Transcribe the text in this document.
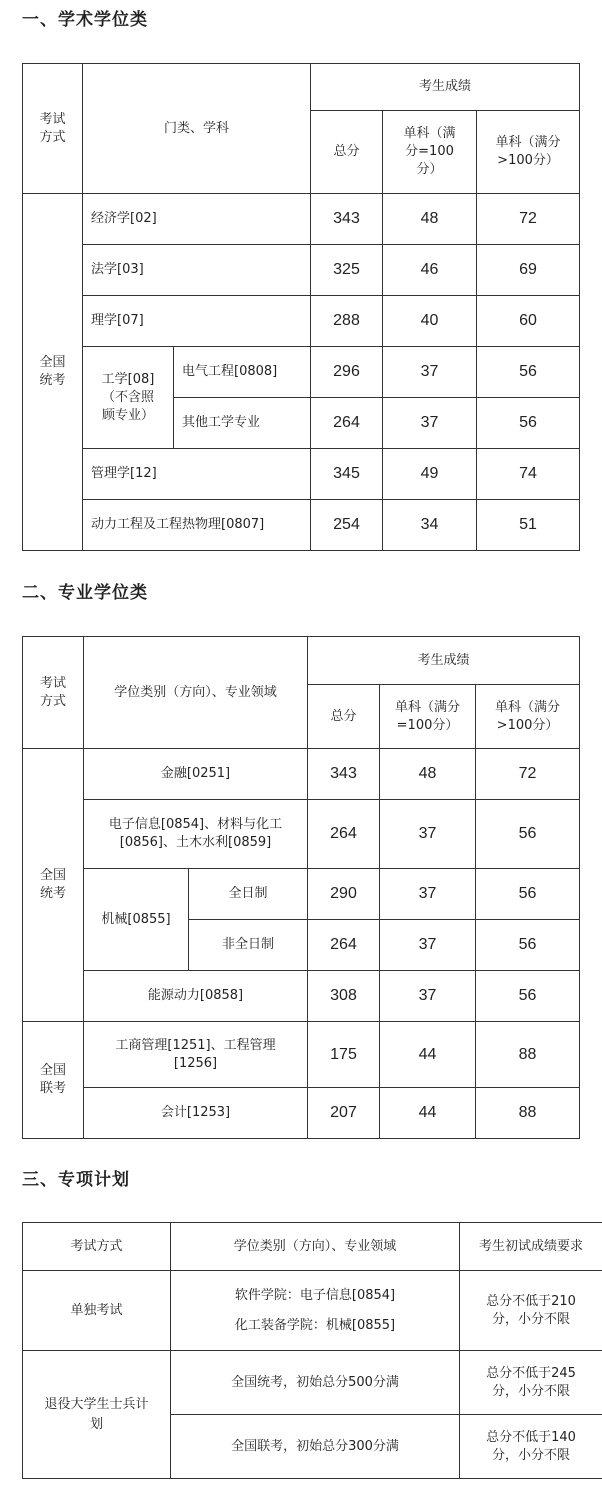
一、学术学位类
考试
方式	门类、学科		考生成绩		
			总分	单科（满
分=100
分）	单科（满分
>100分）

全国
统考	经济学[02]		343	48	72
	法学[03]		325	46	69
	理学[07]		288	40	60

	工学[08]
（不含照
顾专业）	电气工程[0808]	296	37	56
		其他工学专业	264	37	56
	管理学[12]		345	49	74
	动力工程及工程热物理[0807]		254	34	51
二、专业学位类
考试
方式	学位类别（方向）、专业领域		考生成绩		
			总分	单科（满分
=100分）	单科（满分
>100分）

全国
统考	金融[0251]		343	48	72

	电子信息[0854]、材料与化工
[0856]、土木水利[0859]		264	37	56
	机械[0855]	全日制	290	37	56
		非全日制	264	37	56
	能源动力[0858]		308	37	56

全国
联考	工商管理[1251]、工程管理
[1256]		175	44	88
	会计[1253]		207	44	88
三、专项计划
考试方式	学位类别（方向）、专业领域	考生初试成绩要求
单独考试	软件学院：电子信息[0854]
化工装备学院：机械[0855]	总分不低于210
分，小分不限

退役大学生士兵计
划	全国统考，初始总分500分满	总分不低于245
分，小分不限

	全国联考，初始总分300分满	总分不低于140
分，小分不限
